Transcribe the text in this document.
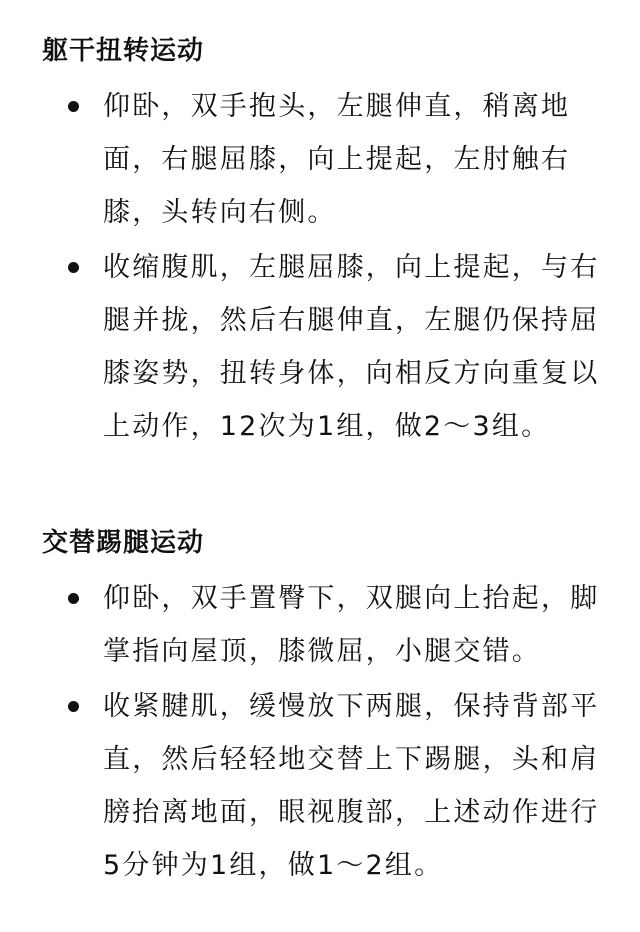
躯干扭转运动
仰卧，双手抱头，左腿伸直，稍离地面，右腿屈膝，向上提起，左肘触右膝，头转向右侧。
收缩腹肌，左腿屈膝，向上提起，与右腿并拢，然后右腿伸直，左腿仍保持屈膝姿势，扭转身体，向相反方向重复以上动作，12次为1组，做2～3组。
交替踢腿运动
仰卧，双手置臀下，双腿向上抬起，脚掌指向屋顶，膝微屈，小腿交错。
收紧腱肌，缓慢放下两腿，保持背部平直，然后轻轻地交替上下踢腿，头和肩膀抬离地面，眼视腹部，上述动作进行5分钟为1组，做1～2组。
